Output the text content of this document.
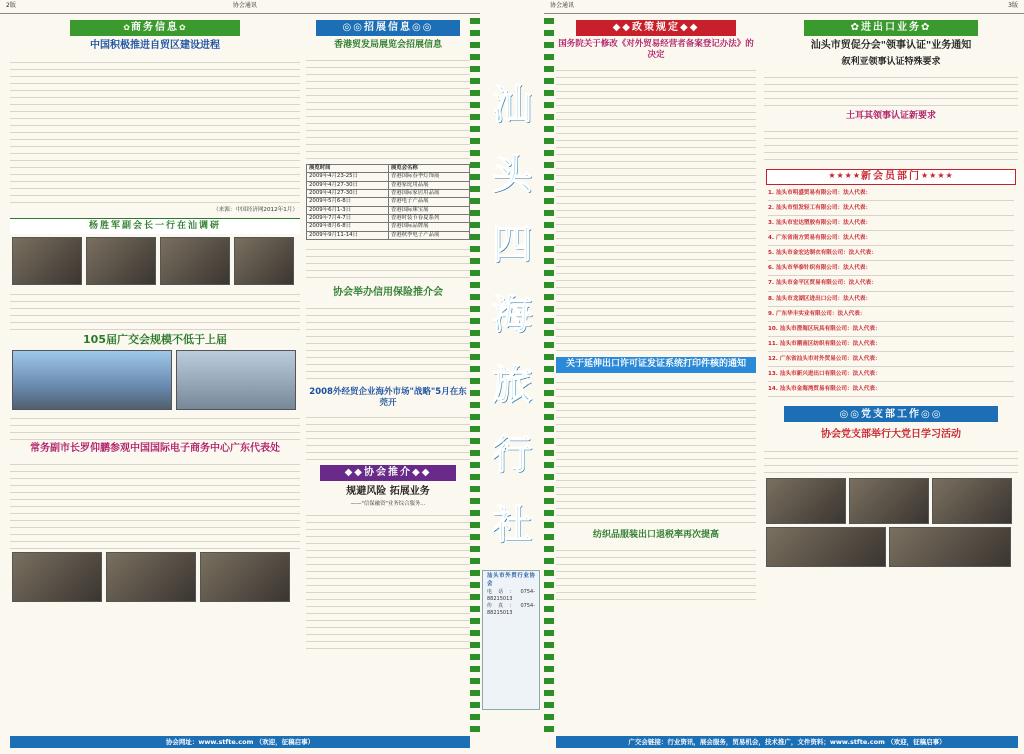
2版	协会通讯	协会通讯	3版
✿ 商务信息 ✿
中国积极推进自贸区建设进程
（来源：中国经济网2012年1月）
杨胜军副会长一行在汕调研
105届广交会规模不低于上届
常务副市长罗仰鹏参观中国国际电子商务中心广东代表处
◎◎ 招展信息 ◎◎
香港贸发局展览会招展信息
展览时间	展览会名称
2009年4月23-25日	香港国际春季灯饰展
2009年4月27-30日	香港家庭用品展
2009年4月27-30日	香港国际家居用品展
2009年5月6-8日	香港电子产品展
2009年6月1-3日	香港国际珠宝展
2009年7月4-7日	香港时装节春夏系列
2009年8月6-8日	香港国际品牌展
2009年9月11-14日	香港秋季电子产品展
协会举办信用保险推介会
2008外经贸企业海外市场"战略"5月在东莞开
◆◆ 协会推介 ◆◆
规避风险 拓展业务
——"信保融资"业务综合服务...
汕
头
四
海
旅
行
社
汕头市外贸行业协会
电话：0754-88215013
传真：0754-88215013
◆◆ 政策规定 ◆◆
国务院关于修改《对外贸易经营者备案登记办法》的决定
关于延伸出口许可证发证系统打印件核的通知
纺织品服装出口退税率再次提高
✿ 进出口业务 ✿
汕头市贸促分会"领事认证"业务通知
叙利亚领事认证特殊要求
土耳其领事认证新要求
★★★★ 新会员部门 ★★★★
1. 汕头市明盛贸易有限公司：法人代表：
2. 汕头市恒发轻工有限公司：法人代表：
3. 汕头市宏达塑胶有限公司：法人代表：
4. 广东省南方贸易有限公司：法人代表：
5. 汕头市金宏达制衣有限公司：法人代表：
6. 汕头市华泰针织有限公司：法人代表：
7. 汕头市金平区贸易有限公司：法人代表：
8. 汕头市龙湖区进出口公司：法人代表：
9. 广东华丰实业有限公司：法人代表：
10. 汕头市澄海区玩具有限公司：法人代表：
11. 汕头市潮南区纺织有限公司：法人代表：
12. 广东省汕头市对外贸易公司：法人代表：
13. 汕头市新兴进出口有限公司：法人代表：
14. 汕头市金海湾贸易有限公司：法人代表：
◎◎ 党支部工作 ◎◎
协会党支部举行大党日学习活动
协会网址：www.stfte.com （欢迎，征稿启事）	广交会链接：行业资讯，展会服务，贸易机会，技术推广，文件资料；www.stfte.com （欢迎，征稿启事）
